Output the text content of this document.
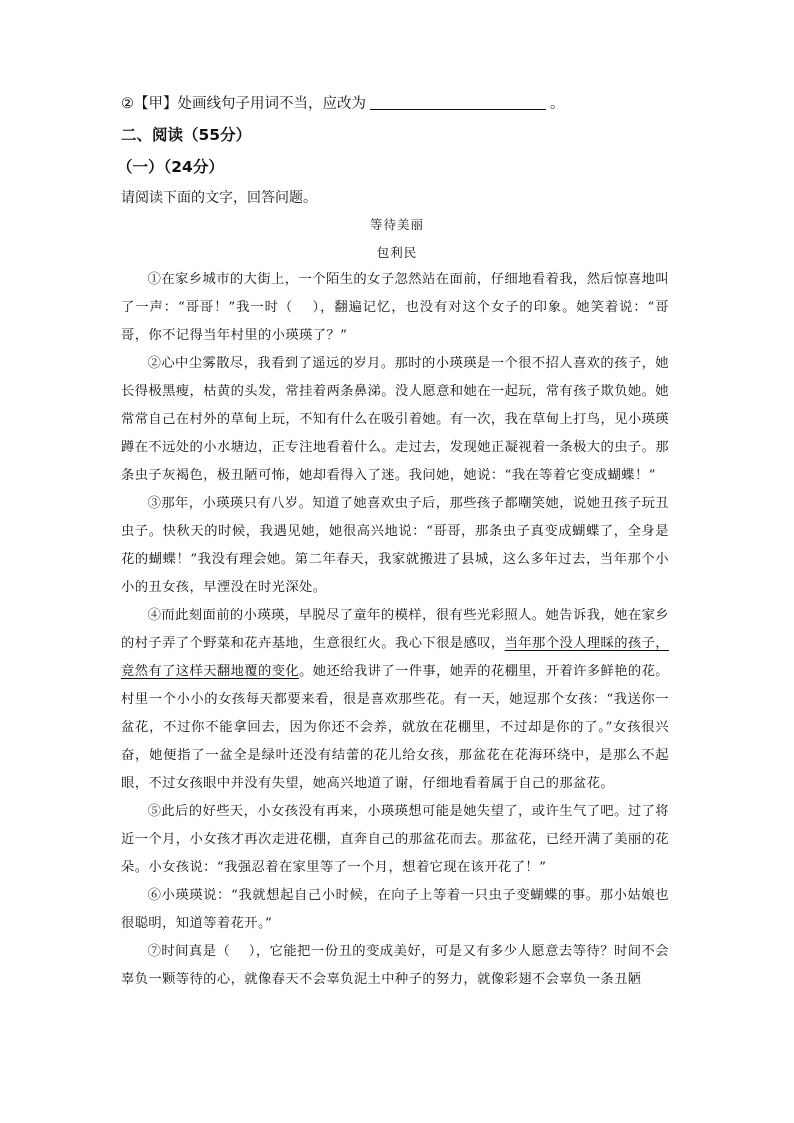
②【甲】处画线句子用词不当，应改为	。
二、阅读（55分）
（一）（24分）
请阅读下面的文字，回答问题。
等待美丽
包利民

①在家乡城市的大街上，一个陌生的女子忽然站在面前，仔细地看着我，然后惊喜地叫了一声：“哥哥！”我一时（　 ），翻遍记忆，也没有对这个女子的印象。她笑着说：“哥哥，你不记得当年村里的小瑛瑛了？”

②心中尘雾散尽，我看到了遥远的岁月。那时的小瑛瑛是一个很不招人喜欢的孩子，她长得极黑瘦，枯黄的头发，常挂着两条鼻涕。没人愿意和她在一起玩，常有孩子欺负她。她常常自己在村外的草甸上玩，不知有什么在吸引着她。有一次，我在草甸上打鸟，见小瑛瑛蹲在不远处的小水塘边，正专注地看着什么。走过去，发现她正凝视着一条极大的虫子。那条虫子灰褐色，极丑陋可怖，她却看得入了迷。我问她，她说：“我在等着它变成蝴蝶！”

③那年，小瑛瑛只有八岁。知道了她喜欢虫子后，那些孩子都嘲笑她，说她丑孩子玩丑虫子。快秋天的时候，我遇见她，她很高兴地说：“哥哥，那条虫子真变成蝴蝶了，全身是花的蝴蝶！”我没有理会她。第二年春天，我家就搬进了县城，这么多年过去，当年那个小小的丑女孩，早湮没在时光深处。

④而此刻面前的小瑛瑛，早脱尽了童年的模样，很有些光彩照人。她告诉我，她在家乡的村子弄了个野菜和花卉基地，生意很红火。我心下很是感叹，当年那个没人理睬的孩子，竟然有了这样天翻地覆的变化。她还给我讲了一件事，她弄的花棚里，开着许多鲜艳的花。村里一个小小的女孩每天都要来看，很是喜欢那些花。有一天，她逗那个女孩：“我送你一盆花，不过你不能拿回去，因为你还不会养，就放在花棚里，不过却是你的了。”女孩很兴奋，她便指了一盆全是绿叶还没有结蕾的花儿给女孩，那盆花在花海环绕中，是那么不起眼，不过女孩眼中并没有失望，她高兴地道了谢，仔细地看着属于自己的那盆花。

⑤此后的好些天，小女孩没有再来，小瑛瑛想可能是她失望了，或许生气了吧。过了将近一个月，小女孩才再次走进花棚，直奔自己的那盆花而去。那盆花，已经开满了美丽的花朵。小女孩说：“我强忍着在家里等了一个月，想着它现在该开花了！”

⑥小瑛瑛说：“我就想起自己小时候，在向子上等着一只虫子变蝴蝶的事。那小姑娘也很聪明，知道等着花开。”

⑦时间真是（　 ），它能把一份丑的变成美好，可是又有多少人愿意去等待？时间不会辜负一颗等待的心，就像春天不会辜负泥土中种子的努力，就像彩翅不会辜负一条丑陋
